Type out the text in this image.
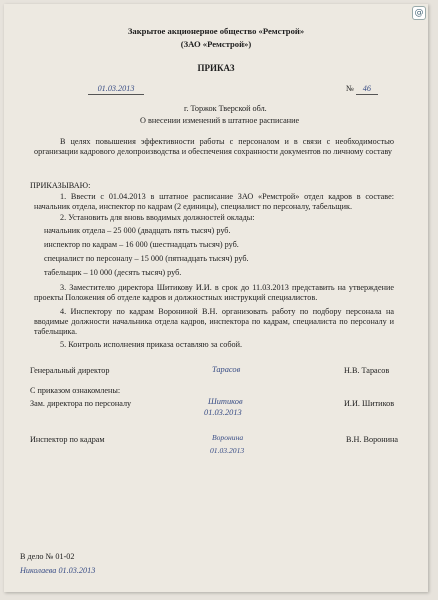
@
Закрытое акционерное общество «Ремстрой»
(ЗАО «Ремстрой»)
ПРИКАЗ
01.03.2013	№ 46
г. Торжок Тверской обл.
О внесении изменений в штатное расписание
В целях повышения эффективности работы с персоналом и в связи с необходимостью организации кадрового делопроизводства и обеспечения сохранности документов по личному составу
ПРИКАЗЫВАЮ:
1. Ввести с 01.04.2013 в штатное расписание ЗАО «Ремстрой» отдел кадров в составе: начальник отдела, инспектор по кадрам (2 единицы), специалист по персоналу, табельщик.
2. Установить для вновь вводимых должностей оклады:
начальник отдела – 25 000 (двадцать пять тысяч) руб.
инспектор по кадрам – 16 000 (шестнадцать тысяч) руб.
специалист по персоналу – 15 000 (пятнадцать тысяч) руб.
табельщик – 10 000 (десять тысяч) руб.
3. Заместителю директора Шитикову И.И. в срок до 11.03.2013 представить на утверждение проекты Положения об отделе кадров и должностных инструкций специалистов.
4. Инспектору по кадрам Ворониной В.Н. организовать работу по подбору персонала на вводимые должности начальника отдела кадров, инспектора по кадрам, специалиста по персоналу и табельщика.
5. Контроль исполнения приказа оставляю за собой.
Генеральный директор	Тарасов	Н.В. Тарасов
С приказом ознакомлены:
Зам. директора по персоналу	Шитиков
01.03.2013
И.И. Шитиков
Инспектор по кадрам	Воронина
01.03.2013
В.Н. Воронина
В дело № 01-02
Николаева 01.03.2013
